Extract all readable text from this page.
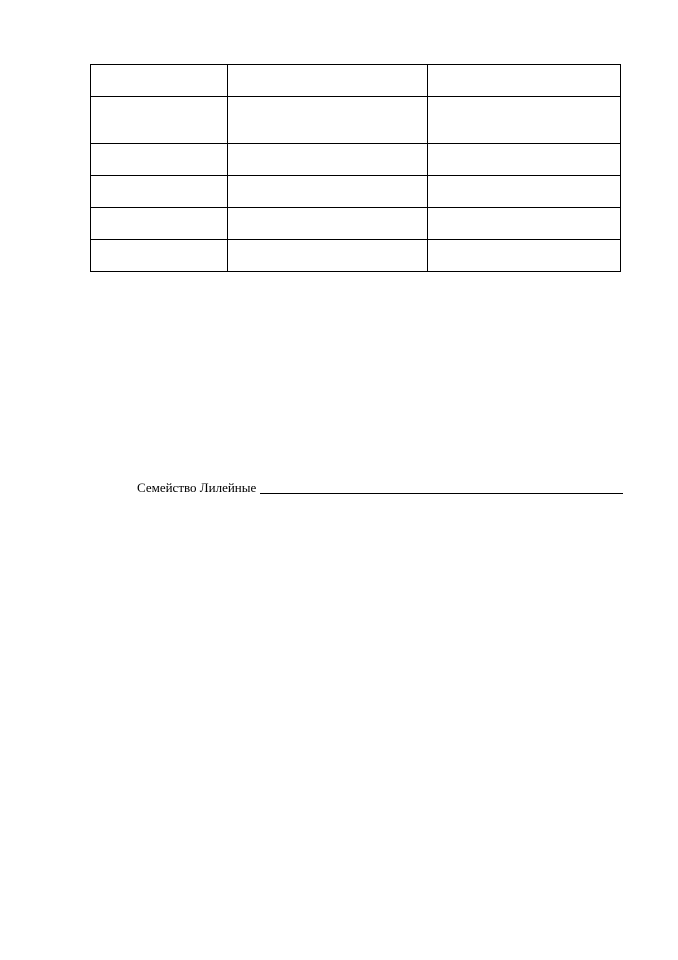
Семейство Лилейные
